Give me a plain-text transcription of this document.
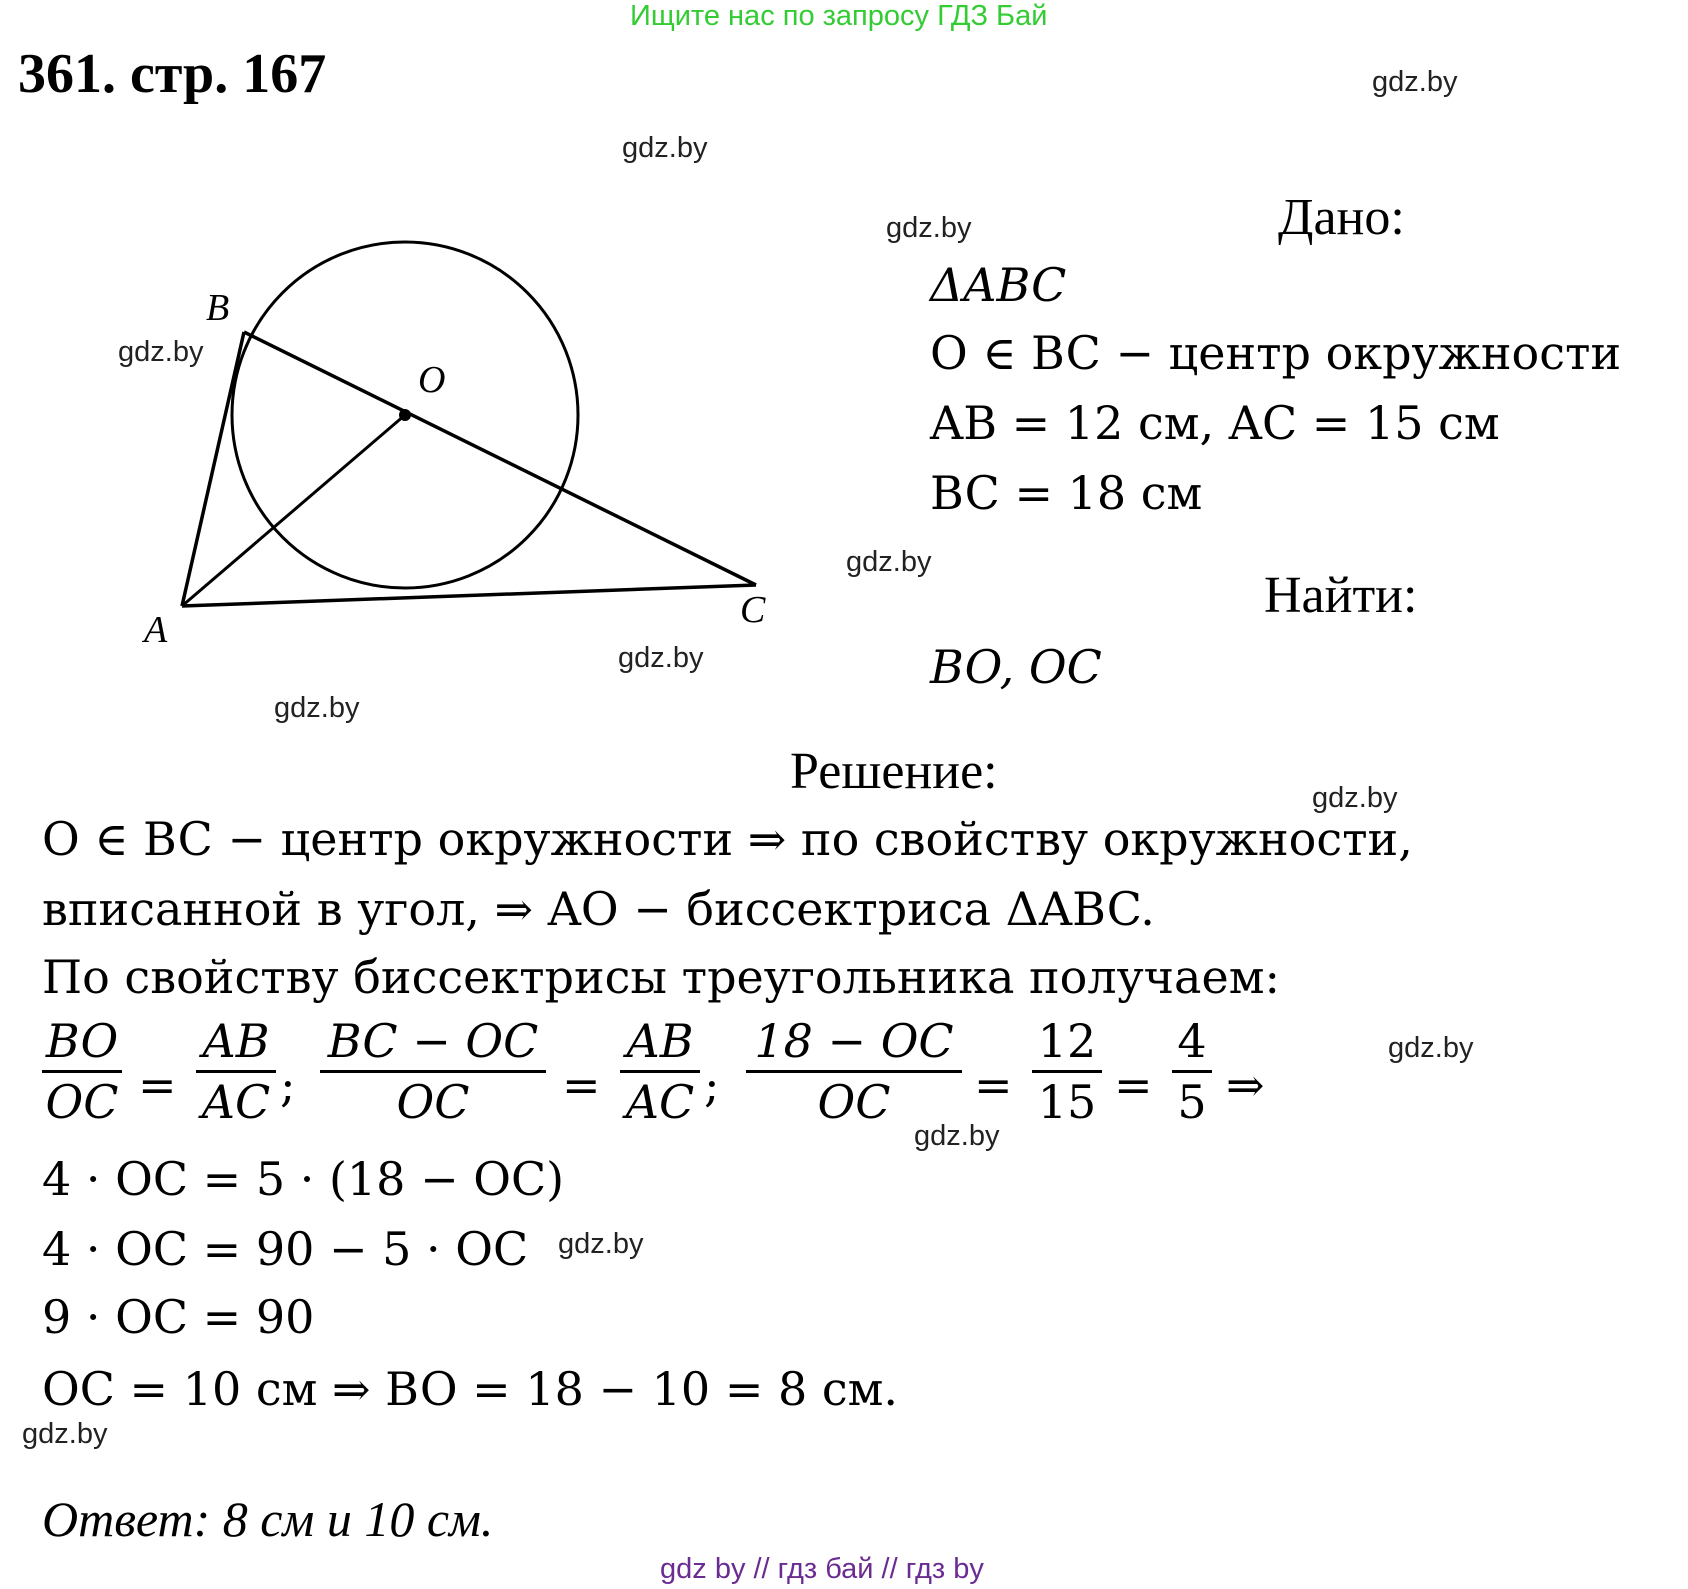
Ищите нас по запросу ГДЗ Бай
361. стр. 167	gdz.by
gdz.by
gdz.by
gdz.by
gdz.by
gdz.by
gdz.by
gdz.by
gdz.by
gdz.by
gdz.by
gdz.by
A
B
C
O
Дано:
ΔABC
O ∈ BC − центр окружности
AB = 12 см, AC = 15 см
BC = 18 см
Найти:
BO, OC
Решение:
O ∈ BC − центр окружности ⇒ по свойству окружности,
вписанной в угол, ⇒ AO − биссектриса ΔABC.
По свойству биссектрисы треугольника получаем:
$\frac{BO}{OC} = \frac{AB}{AC}$ ; $\frac{BC - OC}{OC} = \frac{AB}{AC}$ ; $\frac{18 - OC}{OC} = \frac{12}{15} = \frac{4}{5}$ ⇒
4 · OC = 5 · (18 − OC)
4 · OC = 90 − 5 · OC
9 · OC = 90
OC = 10 см ⇒ BO = 18 − 10 = 8 см.
Ответ: 8 см и 10 см.
gdz by // гдз бай // гдз by
